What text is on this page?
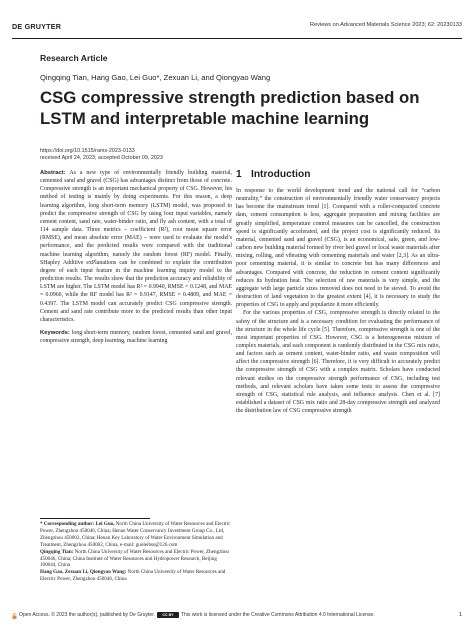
DE GRUYTER	Reviews on Advanced Materials Science 2023; 62: 20230133
Research Article
Qingqing Tian, Hang Gao, Lei Guo*, Zexuan Li, and Qiongyao Wang
CSG compressive strength prediction based on LSTM and interpretable machine learning
https://doi.org/10.1515/rams-2023-0133
received April 24, 2023; accepted October 09, 2023

Abstract: As a new type of environmentally friendly building material, cemented sand and gravel (CSG) has advantages distinct from those of concrete. Compressive strength is an important mechanical property of CSG. However, his method of testing is mainly by doing experiments. For this reason, a deep learning algorithm, long short-term memory (LSTM) model, was proposed to predict the compressive strength of CSG by using four input variables, namely cement content, sand rate, water-binder ratio, and fly ash content, with a total of 114 sample data. Three metrics – coefficient (R²), root mean square error (RMSE), and mean absolute error (MAE) – were used to evaluate the model's performance, and the predicted results were compared with the traditional machine learning algorithm, namely the random forest (RF) model. Finally, SHapley Additive exPlanations can be combined to explain the contribution degree of each input feature in the machine learning inquiry model to the prediction results. The results show that the prediction accuracy and reliability of LSTM are higher. The LSTM model has R² = 0.9940, RMSE = 0.1248, and MAE = 0.0960, while the RF model has R² = 0.9147, RMSE = 0.4809, and MAE = 0.4397. The LSTM model can accurately predict CSG compressive strength. Cement and sand rate contribute more to the predicted results than other input characteristics.

Keywords: long short-term memory, random forest, cemented sand and gravel, compressive strength, deep learning, machine learning

* Corresponding author: Lei Guo, North China University of Water Resources and Electric Power, Zhengzhou 450046, China; Henan Water Conservancy Investment Group Co., Ltd, Zhengzhou 450002, China; Henan Key Laboratory of Water Environment Simulation and Treatment, Zhengzhou 450002, China, e-mail: guoleibss@126.com

Qingqing Tian: North China University of Water Resources and Electric Power, Zhengzhou 450046, China; China Institute of Water Resources and Hydropower Research, Beijing 100044, China

Hang Gao, Zexuan Li, Qiongyao Wang: North China University of Water Resources and Electric Power, Zhengzhou 450046, China

1 Introduction

In response to the world development trend and the national call for “carbon neutrality,” the construction of environmentally friendly water conservancy projects has become the mainstream trend [1]. Compared with a roller-compacted concrete dam, cement consumption is less, aggregate preparation and mixing facilities are greatly simplified, temperature control measures can be cancelled, the construction speed is significantly accelerated, and the project cost is significantly reduced. Its material, cemented sand and gravel (CSG), is an economical, safe, green, and low-carbon new building material formed by river bed gravel or local waste materials after mixing, rolling, and vibrating with cementing materials and water [2,3]. As an ultra-poor cementing material, it is similar to concrete but has many differences and advantages. Compared with concrete, the reduction in cement content significantly reduces its hydration heat. The selection of raw materials is very simple, and the aggregate with large particle sizes removed does not need to be sieved. To avoid the destruction of land vegetation to the greatest extent [4], it is necessary to study the properties of CSG to apply and popularize it more efficiently.

For the various properties of CSG, compressive strength is directly related to the safety of the structure and is a necessary condition for evaluating the performance of the structure in the whole life cycle [5]. Therefore, compressive strength is one of the most important properties of CSG. However, CSG is a heterogeneous mixture of complex materials, and each component is randomly distributed in the CSG mix ratio, and factors such as cement content, water-binder ratio, and waste composition will affect the compressive strength [6]. Therefore, it is very difficult to accurately predict the compressive strength of CSG with a complex matrix. Scholars have conducted relevant studies on the compressive strength performance of CSG, including test methods, and relevant scholars have taken some tests to assess the compressive strength of CSG, statistical rule analysis, and influence analysis. Chen et al. [7] established a dataset of CSG mix ratio and 28-day compressive strength and analyzed the distribution law of CSG compressive strength

Open Access. © 2023 the author(s), published by De Gruyter.	CC BY	This work is licensed under the Creative Commons Attribution 4.0 International License.	1
